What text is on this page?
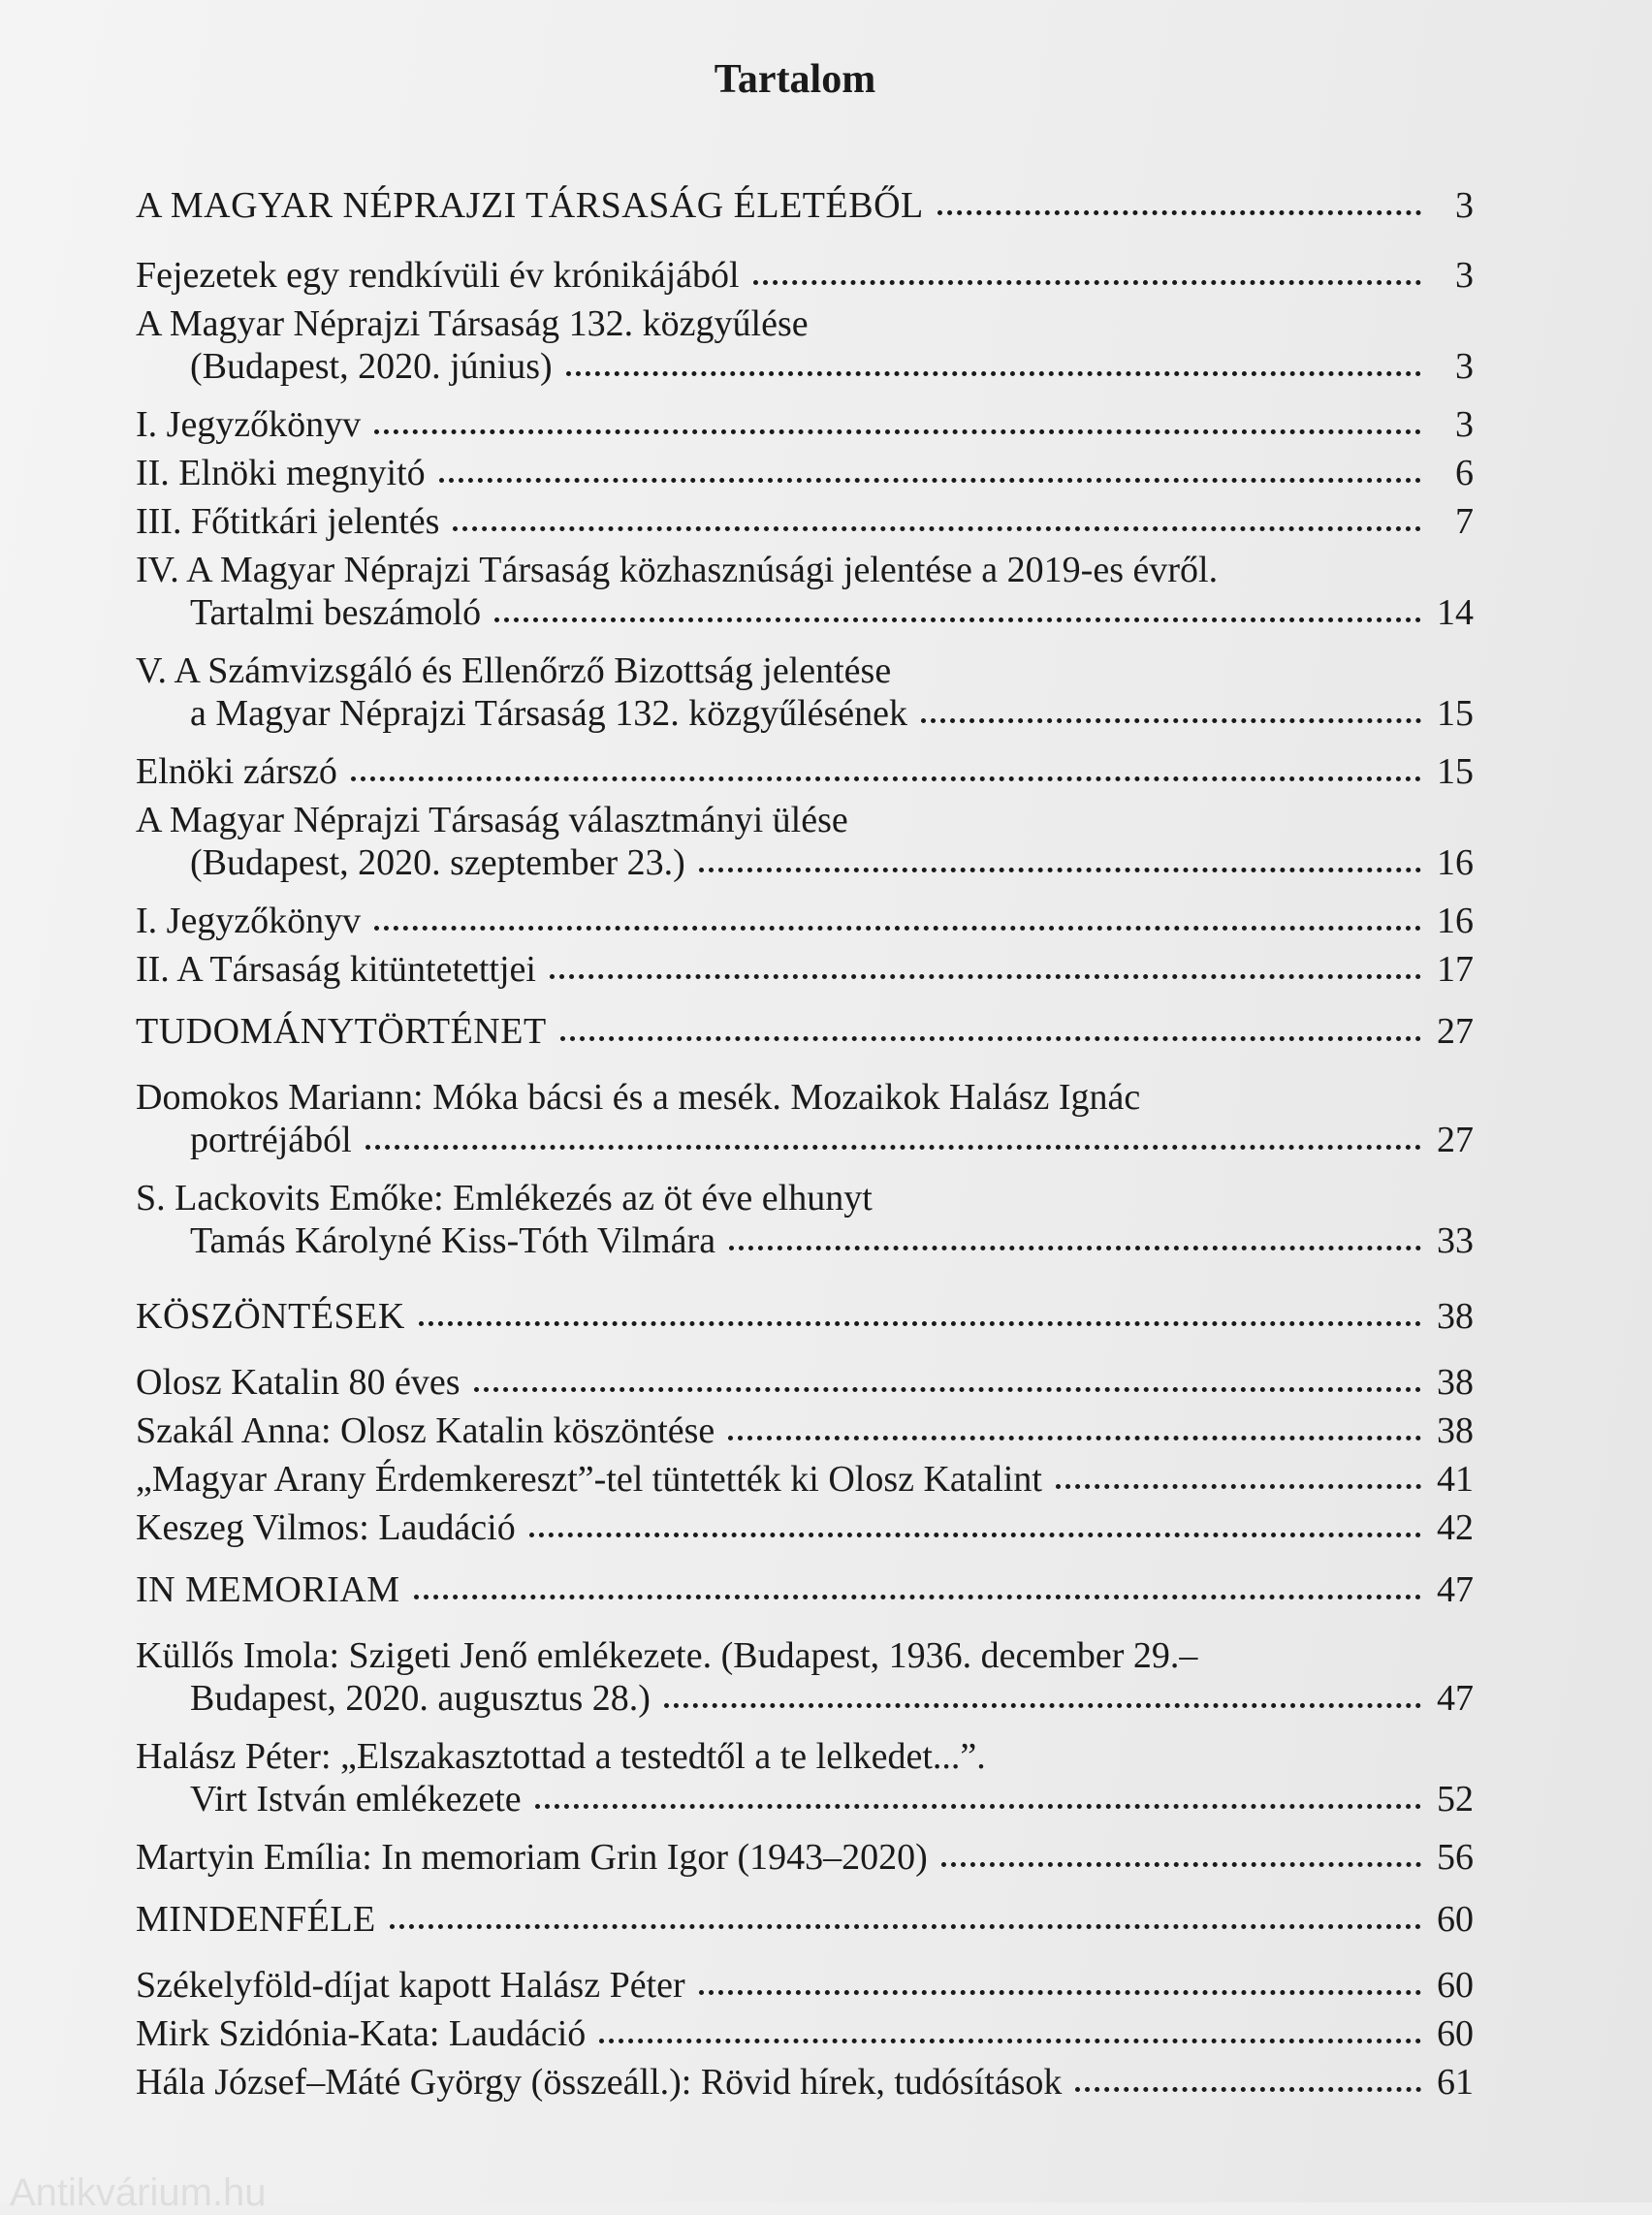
Tartalom
A MAGYAR NÉPRAJZI TÁRSASÁG ÉLETÉBŐL	3
Fejezetek egy rendkívüli év krónikájából	3
A Magyar Néprajzi Társaság 132. közgyűlése
(Budapest, 2020. június)	3
I. Jegyzőkönyv	3
II. Elnöki megnyitó	6
III. Főtitkári jelentés	7
IV. A Magyar Néprajzi Társaság közhasznúsági jelentése a 2019-es évről.
Tartalmi beszámoló	14
V. A Számvizsgáló és Ellenőrző Bizottság jelentése
a Magyar Néprajzi Társaság 132. közgyűlésének	15
Elnöki zárszó	15
A Magyar Néprajzi Társaság választmányi ülése
(Budapest, 2020. szeptember 23.)	16
I. Jegyzőkönyv	16
II. A Társaság kitüntetettjei	17
TUDOMÁNYTÖRTÉNET	27
Domokos Mariann: Móka bácsi és a mesék. Mozaikok Halász Ignác
portréjából	27
S. Lackovits Emőke: Emlékezés az öt éve elhunyt
Tamás Károlyné Kiss-Tóth Vilmára	33
KÖSZÖNTÉSEK	38
Olosz Katalin 80 éves	38
Szakál Anna: Olosz Katalin köszöntése	38
„Magyar Arany Érdemkereszt”-tel tüntették ki Olosz Katalint	41
Keszeg Vilmos: Laudáció	42
IN MEMORIAM	47
Küllős Imola: Szigeti Jenő emlékezete. (Budapest, 1936. december 29.–
Budapest, 2020. augusztus 28.)	47
Halász Péter: „Elszakasztottad a testedtől a te lelkedet...”.
Virt István emlékezete	52
Martyin Emília: In memoriam Grin Igor (1943–2020)	56
MINDENFÉLE	60
Székelyföld-díjat kapott Halász Péter	60
Mirk Szidónia-Kata: Laudáció	60
Hála József–Máté György (összeáll.): Rövid hírek, tudósítások	61
Antikvárium.hu
